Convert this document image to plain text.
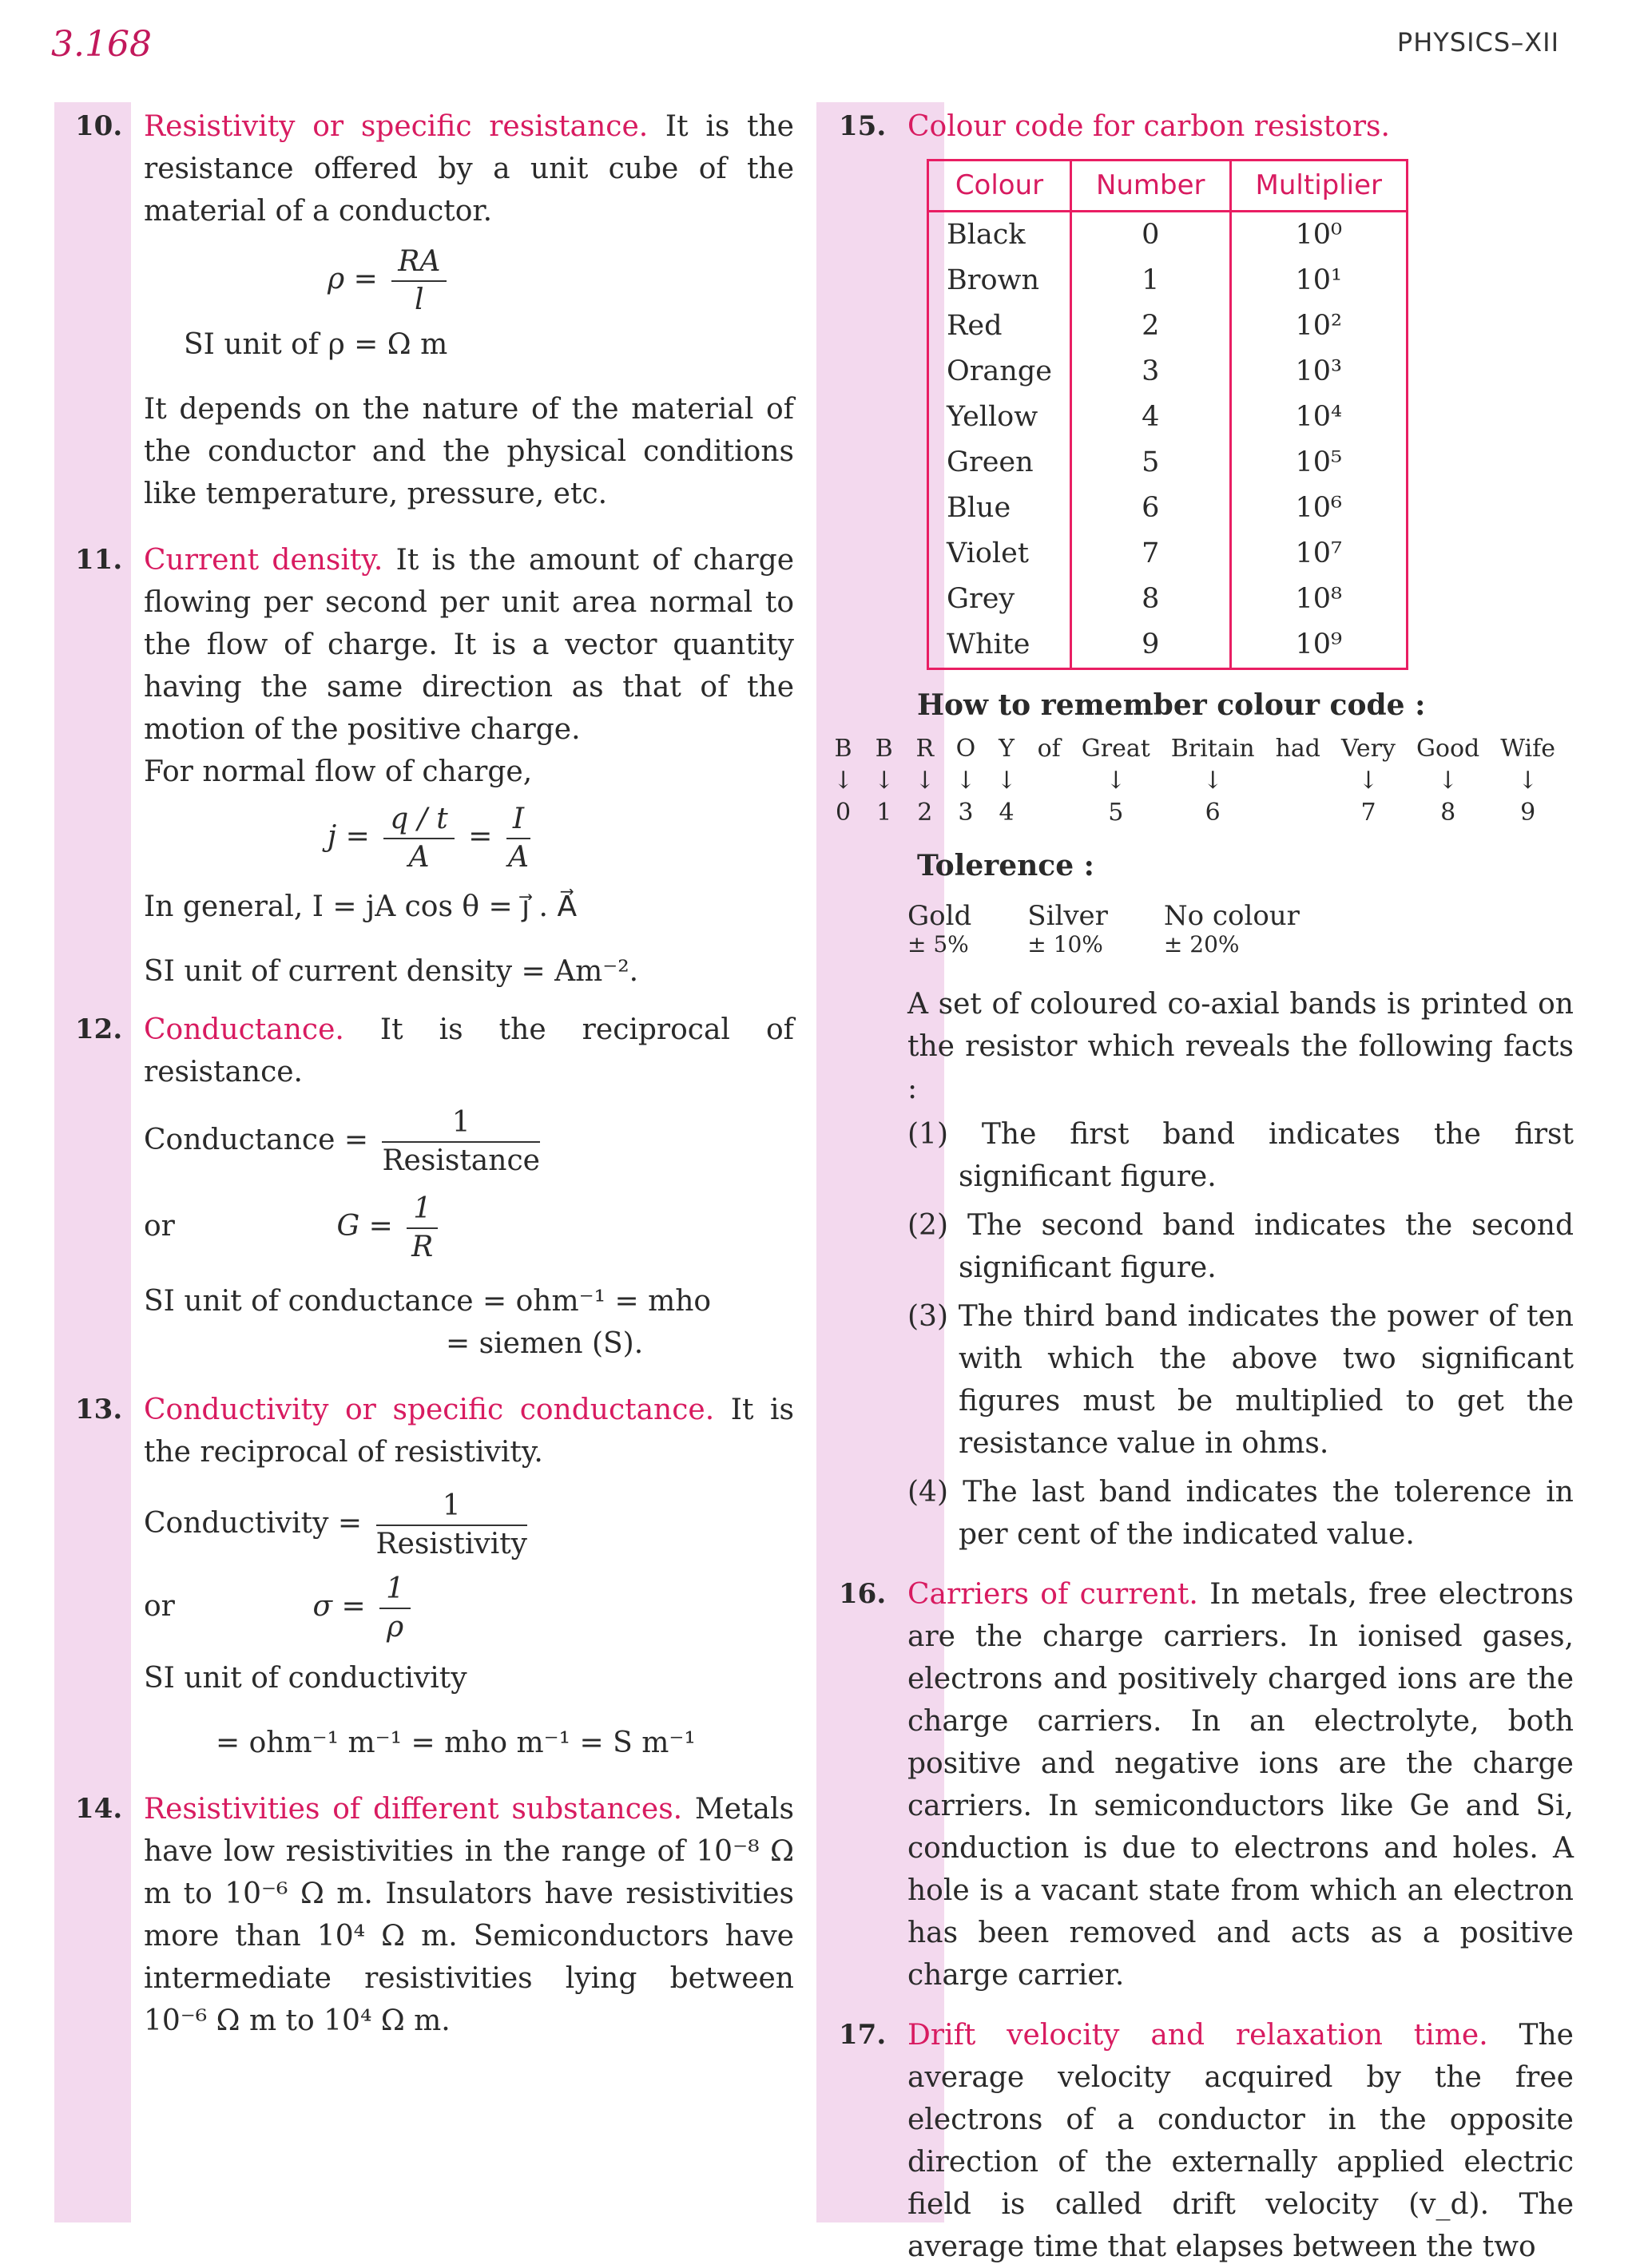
3.168	PHYSICS–XII
10. Resistivity or specific resistance. It is the resistance offered by a unit cube of the material of a conductor.

$\rho = \frac{RA}{l}$

SI unit of ρ = Ω m

It depends on the nature of the material of the conductor and the physical conditions like temperature, pressure, etc.

11. Current density. It is the amount of charge flowing per second per unit area normal to the flow of charge. It is a vector quantity having the same direction as that of the motion of the positive charge.

For normal flow of charge,

$j = \frac{q / t}{A} = \frac{I}{A}$

In general, I = jA cos θ = j⃗ . A⃗

SI unit of current density = Am⁻².

12. Conductance. It is the reciprocal of resistance.

Conductance = $\frac{1}{\text{Resistance}}$
or	$G = \frac{1}{R}$

SI unit of conductance = ohm⁻¹ = mho

= siemen (S).

13. Conductivity or specific conductance. It is the reciprocal of resistivity.

Conductivity = $\frac{1}{\text{Resistivity}}$
or	$\sigma = \frac{1}{\rho}$

SI unit of conductivity

= ohm⁻¹ m⁻¹ = mho m⁻¹ = S m⁻¹

14. Resistivities of different substances. Metals have low resistivities in the range of 10⁻⁸ Ω m to 10⁻⁶ Ω m. Insulators have resistivities more than 10⁴ Ω m. Semiconductors have intermediate resistivities lying between 10⁻⁶ Ω m to 10⁴ Ω m.

15. Colour code for carbon resistors.

Colour	Number	Multiplier
Black	0	10⁰
Brown	1	10¹
Red	2	10²
Orange	3	10³
Yellow	4	10⁴
Green	5	10⁵
Blue	6	10⁶
Violet	7	10⁷
Grey	8	10⁸
White	9	10⁹

How to remember colour code :

B B R O Y of Great Britain had Very Good Wife
↓ ↓ ↓ ↓ ↓	↓	↓	↓	↓	↓
0	1	2	3	4	5	6	7	8	9

Tolerence :

Gold
± 5%
Silver
± 10%
No colour
± 20%

A set of coloured co-axial bands is printed on the resistor which reveals the following facts :

(1) The first band indicates the first significant figure.

(2) The second band indicates the second significant figure.

(3) The third band indicates the power of ten with which the above two significant figures must be multiplied to get the resistance value in ohms.

(4) The last band indicates the tolerence in per cent of the indicated value.

16. Carriers of current. In metals, free electrons are the charge carriers. In ionised gases, electrons and positively charged ions are the charge carriers. In an electrolyte, both positive and negative ions are the charge carriers. In semiconductors like Ge and Si, conduction is due to electrons and holes. A hole is a vacant state from which an electron has been removed and acts as a positive charge carrier.

17. Drift velocity and relaxation time. The average velocity acquired by the free electrons of a conductor in the opposite direction of the externally applied electric field is called drift velocity (v_d). The average time that elapses between the two
